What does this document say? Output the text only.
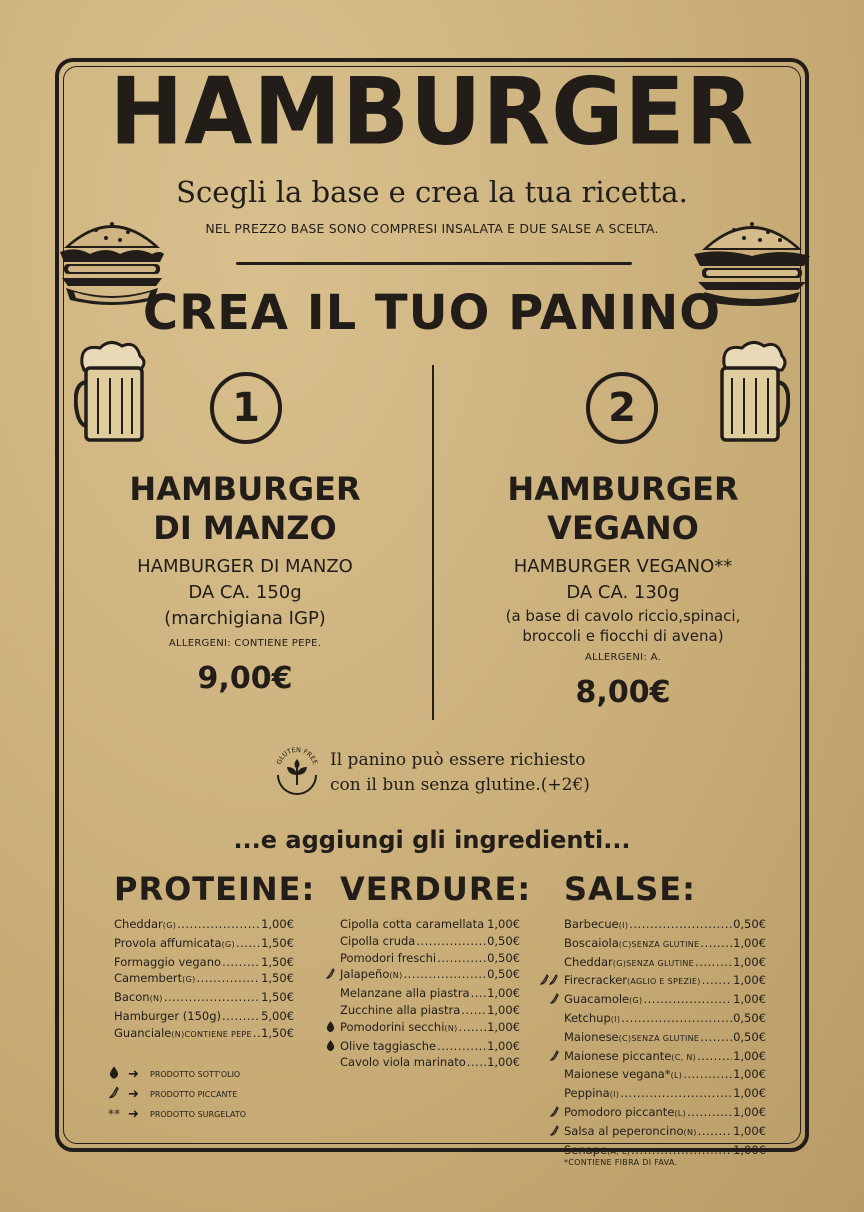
HAMBURGER
Scegli la base e crea la tua ricetta.
NEL PREZZO BASE SONO COMPRESI INSALATA E DUE SALSE A SCELTA.
CREA IL TUO PANINO
1	2
HAMBURGER
DI MANZO
HAMBURGER DI MANZO
DA CA. 150g
(marchigiana IGP)
ALLERGENI: CONTIENE PEPE.
9,00€
HAMBURGER
VEGANO
HAMBURGER VEGANO**
DA CA. 130g
(a base di cavolo riccio,spinaci,
broccoli e fiocchi di avena)
ALLERGENI: A.
8,00€
GLUTEN FREE Il panino può essere richiesto
con il bun senza glutine.(+2€)
...e aggiungi gli ingredienti...
PROTEINE: VERDURE: SALSE:
Cheddar (G) .....	1,00€
Provola affumicata (G) ..... 1,50€
Formaggio vegano .....	1,50€
Camembert (G) .....	1,50€
Bacon (N) .....	1,50€
Hamburger (150g) .....	5,00€
Guanciale (N)CONTIENE PEPE ..... 1,50€
Cipolla cotta caramellata ..... 1,00€
Cipolla cruda .....	0,50€
Pomodori freschi .....	0,50€
Jalapeño (N) .....	0,50€
Melanzane alla piastra ..... 1,00€
Zucchine alla piastra ..... 1,00€
Pomodorini secchi (N) .....	1,00€
Olive taggiasche .....	1,00€
Cavolo viola marinato ..... 1,00€
Barbecue (I) .....	0,50€
Boscaiola (C)SENZA GLUTINE .....	1,00€
Cheddar (G)SENZA GLUTINE .....	1,00€
Firecracker (AGLIO E SPEZIE) .....	1,00€
Guacamole (G) .....	1,00€
Ketchup (I) .....	0,50€
Maionese (C)SENZA GLUTINE .....	0,50€
Maionese piccante (C, N) .....	1,00€
Maionese vegana* (L) .....	1,00€
Peppina (I) .....	1,00€
Pomodoro piccante (L) .....	1,00€
Salsa al peperoncino (N) .....	1,00€
Senape (A, L) .....	1,00€
➜	PRODOTTO SOTT'OLIO
➜	PRODOTTO PICCANTE
** ➜	PRODOTTO SURGELATO
*CONTIENE FIBRA DI FAVA.
